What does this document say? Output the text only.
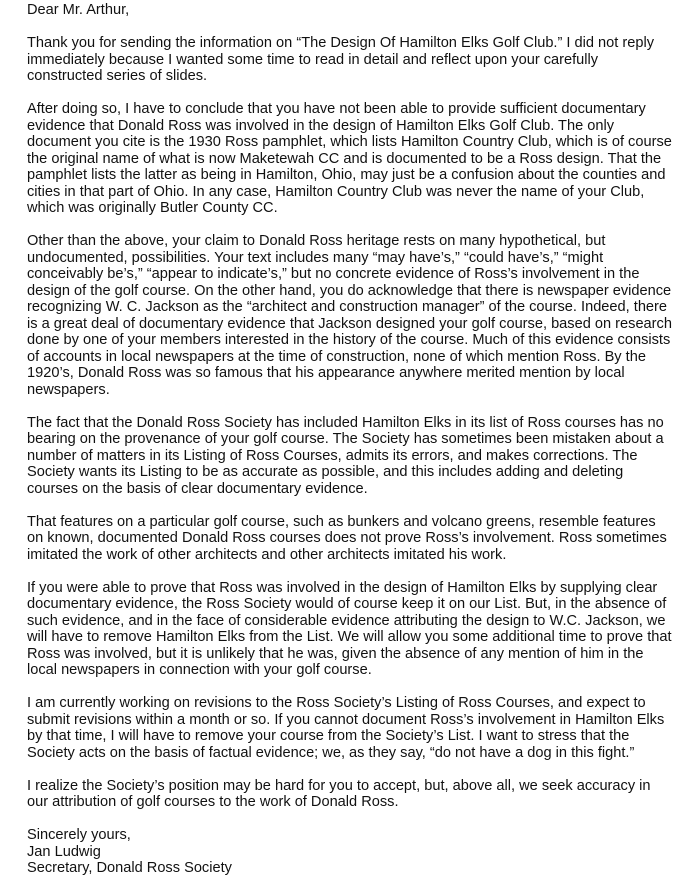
Dear Mr. Arthur,

Thank you for sending the information on “The Design Of Hamilton Elks Golf Club.” I did not reply immediately because I wanted some time to read in detail and reflect upon your carefully constructed series of slides.

After doing so, I have to conclude that you have not been able to provide sufficient documentary evidence that Donald Ross was involved in the design of Hamilton Elks Golf Club. The only document you cite is the 1930 Ross pamphlet, which lists Hamilton Country Club, which is of course the original name of what is now Maketewah CC and is documented to be a Ross design. That the pamphlet lists the latter as being in Hamilton, Ohio, may just be a confusion about the counties and cities in that part of Ohio. In any case, Hamilton Country Club was never the name of your Club, which was originally Butler County CC.

Other than the above, your claim to Donald Ross heritage rests on many hypothetical, but undocumented, possibilities. Your text includes many “may have’s,” “could have’s,” “might conceivably be’s,” “appear to indicate’s,” but no concrete evidence of Ross’s involvement in the design of the golf course. On the other hand, you do acknowledge that there is newspaper evidence recognizing W. C. Jackson as the “architect and construction manager” of the course. Indeed, there is a great deal of documentary evidence that Jackson designed your golf course, based on research done by one of your members interested in the history of the course. Much of this evidence consists of accounts in local newspapers at the time of construction, none of which mention Ross. By the 1920’s, Donald Ross was so famous that his appearance anywhere merited mention by local newspapers.

The fact that the Donald Ross Society has included Hamilton Elks in its list of Ross courses has no bearing on the provenance of your golf course. The Society has sometimes been mistaken about a number of matters in its Listing of Ross Courses, admits its errors, and makes corrections. The Society wants its Listing to be as accurate as possible, and this includes adding and deleting courses on the basis of clear documentary evidence.

That features on a particular golf course, such as bunkers and volcano greens, resemble features on known, documented Donald Ross courses does not prove Ross’s involvement. Ross sometimes imitated the work of other architects and other architects imitated his work.

If you were able to prove that Ross was involved in the design of Hamilton Elks by supplying clear documentary evidence, the Ross Society would of course keep it on our List. But, in the absence of such evidence, and in the face of considerable evidence attributing the design to W.C. Jackson, we will have to remove Hamilton Elks from the List. We will allow you some additional time to prove that Ross was involved, but it is unlikely that he was, given the absence of any mention of him in the local newspapers in connection with your golf course.

I am currently working on revisions to the Ross Society’s Listing of Ross Courses, and expect to submit revisions within a month or so. If you cannot document Ross’s involvement in Hamilton Elks by that time, I will have to remove your course from the Society’s List. I want to stress that the Society acts on the basis of factual evidence; we, as they say, “do not have a dog in this fight.”

I realize the Society’s position may be hard for you to accept, but, above all, we seek accuracy in our attribution of golf courses to the work of Donald Ross.

Sincerely yours,

Jan Ludwig

Secretary, Donald Ross Society
